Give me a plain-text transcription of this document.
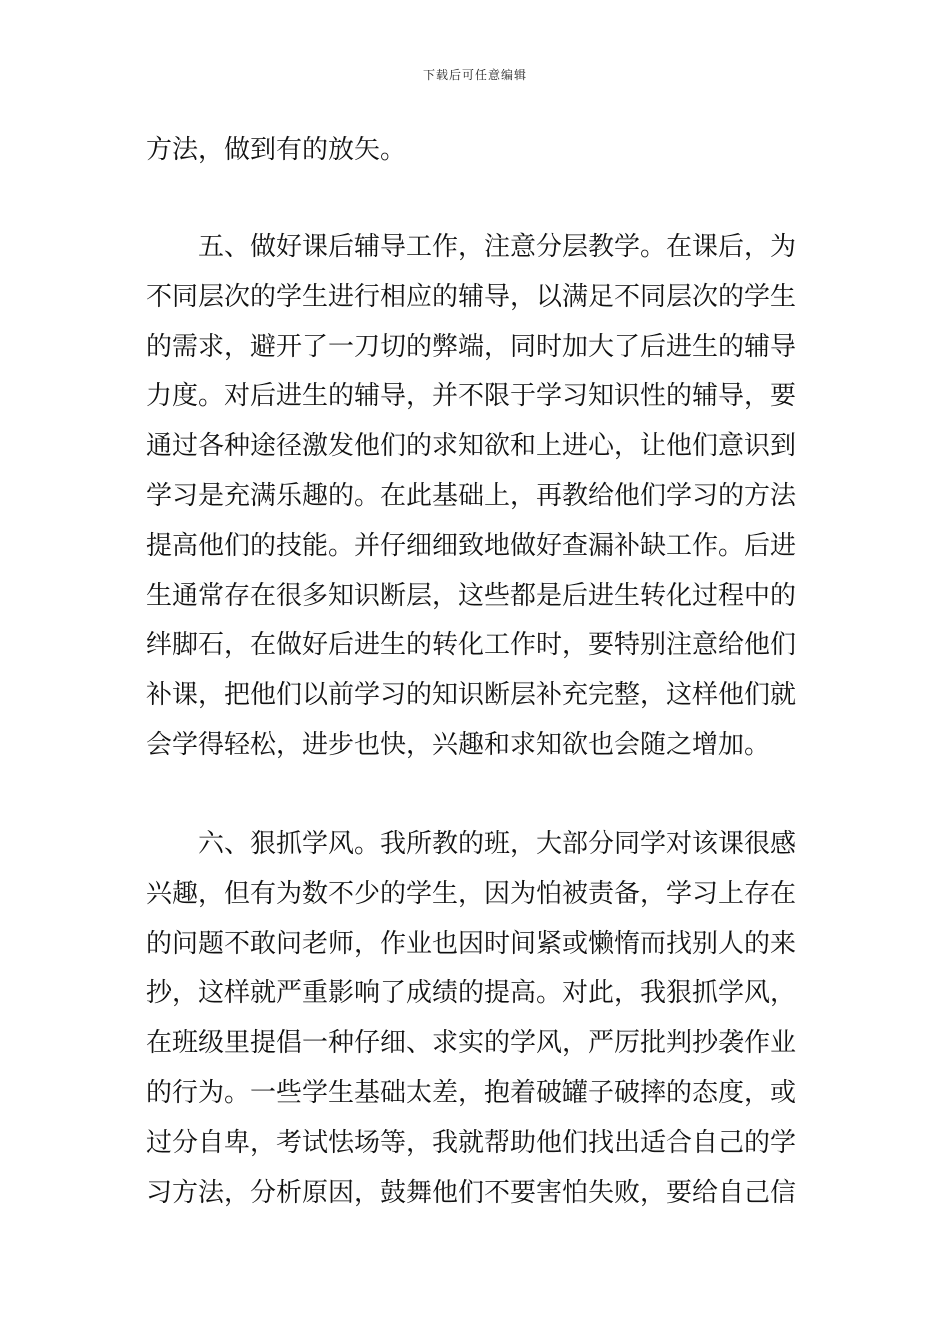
下载后可任意编辑
方法，做到有的放矢。
五、做好课后辅导工作，注意分层教学。在课后，为
不同层次的学生进行相应的辅导，以满足不同层次的学生
的需求，避开了一刀切的弊端，同时加大了后进生的辅导
力度。对后进生的辅导，并不限于学习知识性的辅导，要
通过各种途径激发他们的求知欲和上进心，让他们意识到
学习是充满乐趣的。在此基础上，再教给他们学习的方法
提高他们的技能。并仔细细致地做好查漏补缺工作。后进
生通常存在很多知识断层，这些都是后进生转化过程中的
绊脚石，在做好后进生的转化工作时，要特别注意给他们
补课，把他们以前学习的知识断层补充完整，这样他们就
会学得轻松，进步也快，兴趣和求知欲也会随之增加。
六、狠抓学风。我所教的班，大部分同学对该课很感
兴趣，但有为数不少的学生，因为怕被责备，学习上存在
的问题不敢问老师，作业也因时间紧或懒惰而找别人的来
抄，这样就严重影响了成绩的提高。对此，我狠抓学风，
在班级里提倡一种仔细、求实的学风，严厉批判抄袭作业
的行为。一些学生基础太差，抱着破罐子破摔的态度，或
过分自卑，考试怯场等，我就帮助他们找出适合自己的学
习方法，分析原因，鼓舞他们不要害怕失败，要给自己信
